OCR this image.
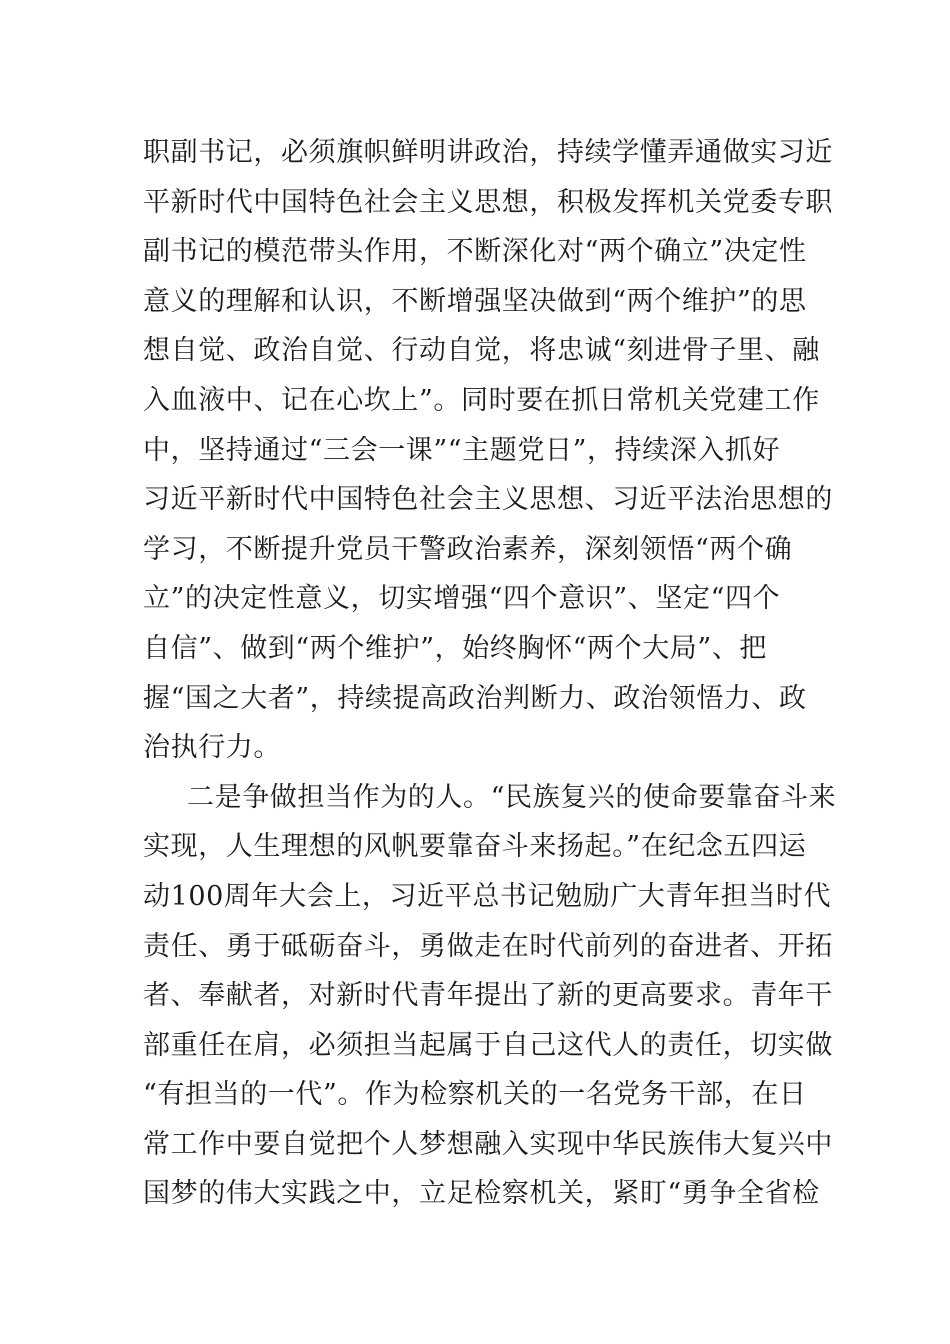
职副书记，必须旗帜鲜明讲政治，持续学懂弄通做实习近
平新时代中国特色社会主义思想，积极发挥机关党委专职
副书记的模范带头作用，不断深化对“两个确立”决定性
意义的理解和认识，不断增强坚决做到“两个维护”的思
想自觉、政治自觉、行动自觉，将忠诚“刻进骨子里、融
入血液中、记在心坎上”。同时要在抓日常机关党建工作
中，坚持通过“三会一课”“主题党日”，持续深入抓好
习近平新时代中国特色社会主义思想、习近平法治思想的
学习，不断提升党员干警政治素养，深刻领悟“两个确
立”的决定性意义，切实增强“四个意识”、坚定“四个
自信”、做到“两个维护”，始终胸怀“两个大局”、把
握“国之大者”，持续提高政治判断力、政治领悟力、政
治执行力。
二是争做担当作为的人。“民族复兴的使命要靠奋斗来
实现，人生理想的风帆要靠奋斗来扬起。”在纪念五四运
动100周年大会上，习近平总书记勉励广大青年担当时代
责任、勇于砥砺奋斗，勇做走在时代前列的奋进者、开拓
者、奉献者，对新时代青年提出了新的更高要求。青年干
部重任在肩，必须担当起属于自己这代人的责任，切实做
“有担当的一代”。作为检察机关的一名党务干部，在日
常工作中要自觉把个人梦想融入实现中华民族伟大复兴中
国梦的伟大实践之中，立足检察机关，紧盯“勇争全省检
